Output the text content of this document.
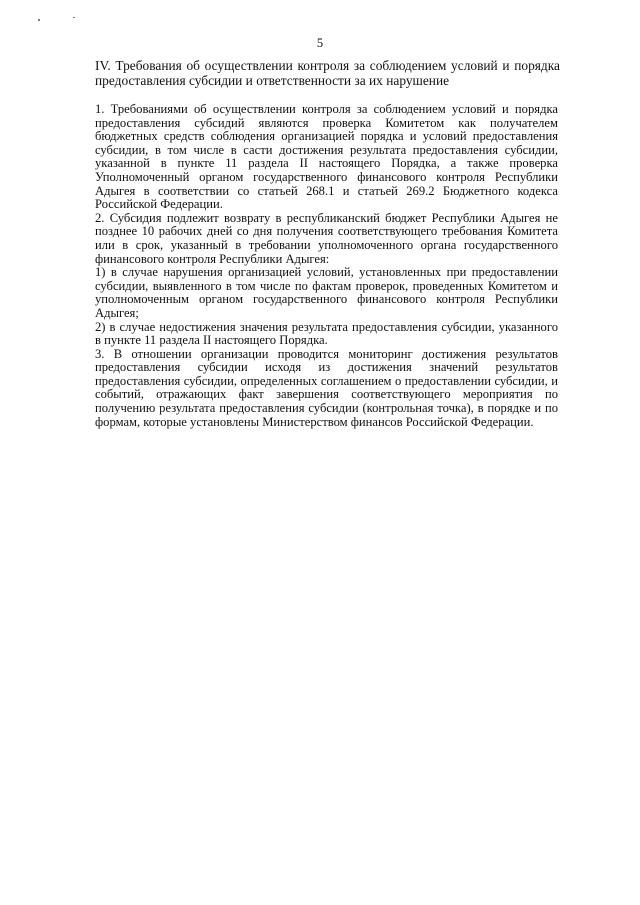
5
IV. Требования об осуществлении контроля за соблюдением условий и порядка предоставления субсидии и ответственности за их нарушение

1. Требованиями об осуществлении контроля за соблюдением условий и порядка предоставления субсидий являются проверка Комитетом как получателем бюджетных средств соблюдения организацией порядка и условий предоставления субсидии, в том числе в састи достижения результата предоставления субсидии, указанной в пункте 11 раздела II настоящего Порядка, а также проверка Уполномоченный органом государственного финансового контроля Республики Адыгея в соответствии со статьей 268.1 и статьей 269.2 Бюджетного кодекса Российской Федерации.

2. Субсидия подлежит возврату в республиканский бюджет Республики Адыгея не позднее 10 рабочих дней со дня получения соответствующего требования Комитета или в срок, указанный в требовании уполномоченного органа государственного финансового контроля Республики Адыгея:

1) в случае нарушения организацией условий, установленных при предоставлении субсидии, выявленного в том числе по фактам проверок, проведенных Комитетом и уполномоченным органом государственного финансового контроля Республики Адыгея;

2) в случае недостижения значения результата предоставления субсидии, указанного в пункте 11 раздела II настоящего Порядка.

3. В отношении организации проводится мониторинг достижения результатов предоставления субсидии исходя из достижения значений результатов предоставления субсидии, определенных соглашением о предоставлении субсидии, и событий, отражающих факт завершения соответствующего мероприятия по получению результата предоставления субсидии (контрольная точка), в порядке и по формам, которые установлены Министерством финансов Российской Федерации.
